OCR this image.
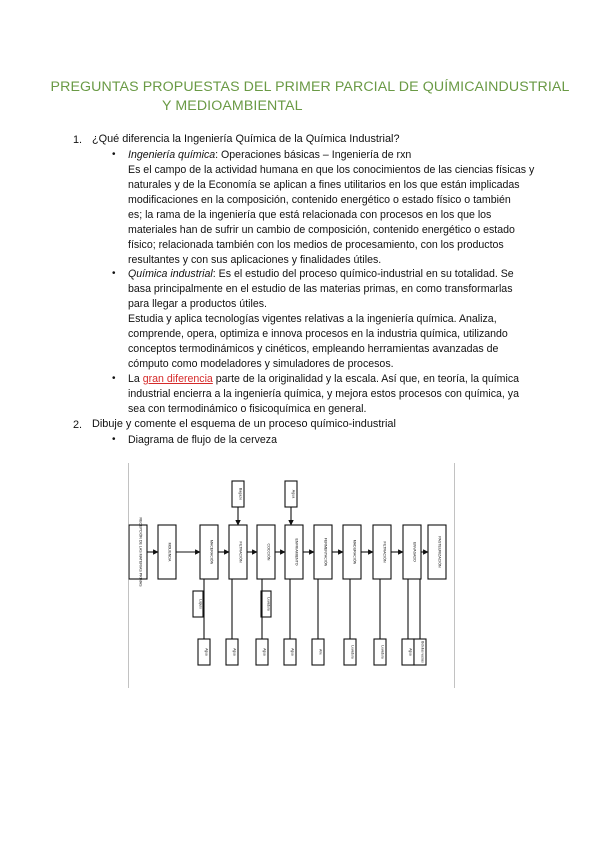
PREGUNTAS PROPUESTAS DEL PRIMER PARCIAL DE QUÍMICAINDUSTRIAL
Y MEDIOAMBIENTAL
1. ¿Qué diferencia la Ingeniería Química de la Química Industrial?
• Ingeniería química: Operaciones básicas – Ingeniería de rxn
Es el campo de la actividad humana en que los conocimientos de las ciencias físicas y
naturales y de la Economía se aplican a fines utilitarios en los que están implicadas
modificaciones en la composición, contenido energético o estado físico o también
es; la rama de la ingeniería que está relacionada con procesos en los que los
materiales han de sufrir un cambio de composición, contenido energético o estado
físico; relacionada también con los medios de procesamiento, con los productos
resultantes y con sus aplicaciones y finalidades útiles.
• Química industrial: Es el estudio del proceso químico-industrial en su totalidad. Se
basa principalmente en el estudio de las materias primas, en como transformarlas
para llegar a productos útiles.
Estudia y aplica tecnologías vigentes relativas a la ingeniería química. Analiza,
comprende, opera, optimiza e innova procesos en la industria química, utilizando
conceptos termodinámicos y cinéticos, empleando herramientas avanzadas de
cómputo como modeladores y simuladores de procesos.
• La gran diferencia parte de la originalidad y la escala. Así que, en teoría, la química
industrial encierra a la ingeniería química, y mejora estos procesos con química, ya
sea con termodinámico o fisicoquímica en general.
2. Dibuje y comente el esquema de un proceso químico-industrial
• Diagrama de flujo de la cerveza
RECEPCIÓN DE LAS MATERIAS PRIMAS	MOLIENDA	MACERACIÓN	FILTRACIÓN	COCCIÓN	ENFRIAMIENTO	FERMENTACIÓN	MADURACIÓN	FILTRACIÓN	ENVASADO	PASTEURIZACIÓN
Bagazo	Agua
Lúpulo	Levadura
Agua	Agua	Agua	Agua	Aire	Levadura	Levadura	Agua	Botellas vacías
